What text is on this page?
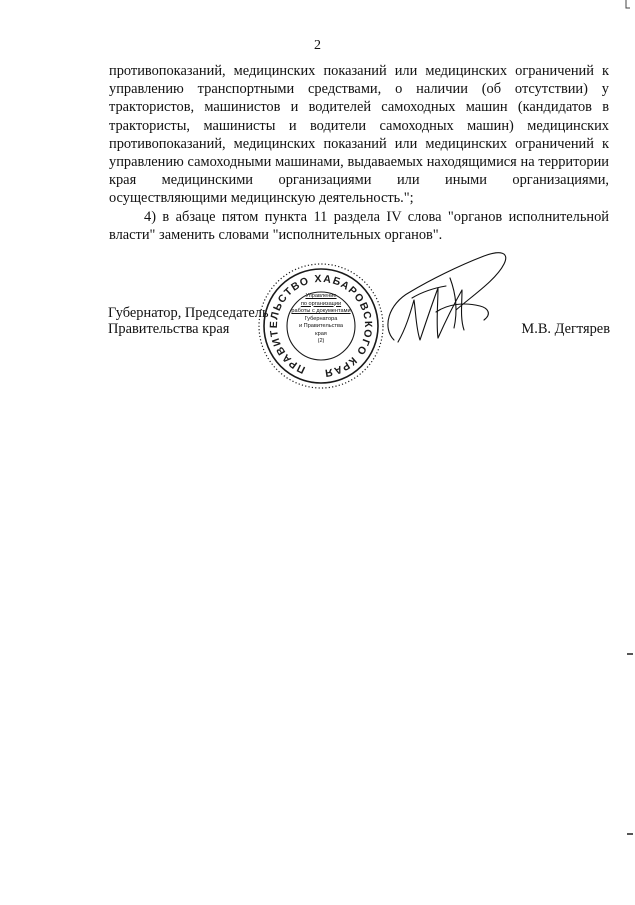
2

противопоказаний, медицинских показаний или медицинских ограничений к управлению транспортными средствами, о наличии (об отсутствии) у трактористов, машинистов и водителей самоходных машин (кандидатов в трактористы, машинисты и водители самоходных машин) медицинских противопоказаний, медицинских показаний или медицинских ограничений к управлению самоходными машинами, выдаваемых находящимися на территории края медицинскими организациями или иными организациями, осуществляющими медицинскую деятельность.";

4) в абзаце пятом пункта 11 раздела IV слова "органов исполнительной власти" заменить словами "исполнительных органов".

Губернатор, Председатель
Правительства края	М.В. Дегтярев
ПРАВИТЕЛЬСТВО ХАБАРОВСКОГО КРАЯ
Управление
по организации
работы с документами
Губернатора
и Правительства
края
(2)
